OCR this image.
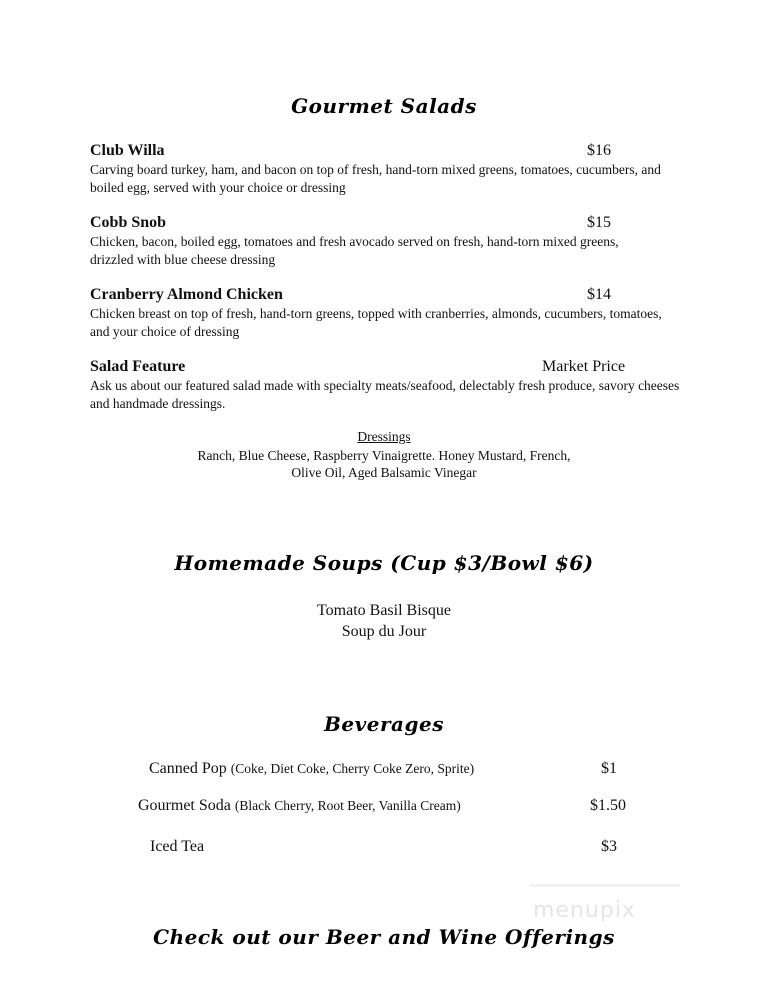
Gourmet Salads
Club Willa	$16
Carving board turkey, ham, and bacon on top of fresh, hand-torn mixed greens, tomatoes, cucumbers, and boiled egg, served with your choice or dressing
Cobb Snob	$15
Chicken, bacon, boiled egg, tomatoes and fresh avocado served on fresh, hand-torn mixed greens, drizzled with blue cheese dressing
Cranberry Almond Chicken	$14
Chicken breast on top of fresh, hand-torn greens, topped with cranberries, almonds, cucumbers, tomatoes, and your choice of dressing
Salad Feature	Market Price
Ask us about our featured salad made with specialty meats/seafood, delectably fresh produce, savory cheeses and handmade dressings.
Dressings
Ranch, Blue Cheese, Raspberry Vinaigrette. Honey Mustard, French,
Olive Oil, Aged Balsamic Vinegar
Homemade Soups (Cup $3/Bowl $6)
Tomato Basil Bisque
Soup du Jour
Beverages
Canned Pop (Coke, Diet Coke, Cherry Coke Zero, Sprite)	$1
Gourmet Soda (Black Cherry, Root Beer, Vanilla Cream)	$1.50
Iced Tea	$3
menupix
Check out our Beer and Wine Offerings
